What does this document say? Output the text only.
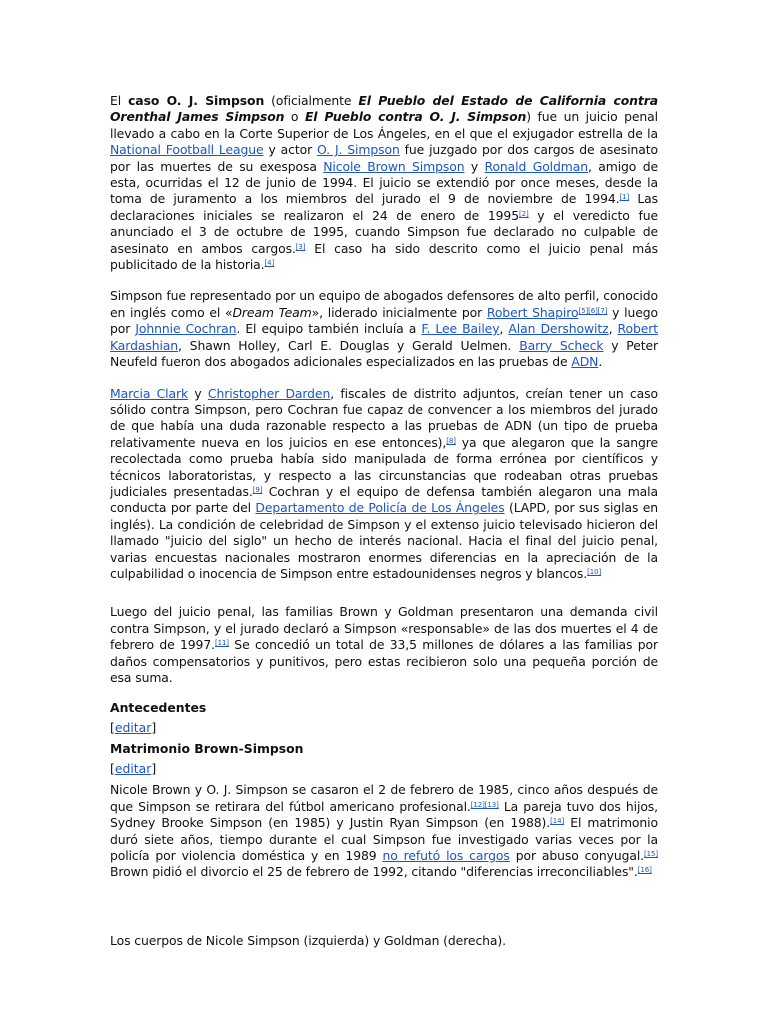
El caso O. J. Simpson (oficialmente El Pueblo del Estado de California contra Orenthal James Simpson o El Pueblo contra O. J. Simpson) fue un juicio penal llevado a cabo en la Corte Superior de Los Ángeles, en el que el exjugador estrella de la National Football League y actor O. J. Simpson fue juzgado por dos cargos de asesinato por las muertes de su exesposa Nicole Brown Simpson y Ronald Goldman, amigo de esta, ocurridas el 12 de junio de 1994. El juicio se extendió por once meses, desde la toma de juramento a los miembros del jurado el 9 de noviembre de 1994.[1] Las declaraciones iniciales se realizaron el 24 de enero de 1995[2] y el veredicto fue anunciado el 3 de octubre de 1995, cuando Simpson fue declarado no culpable de asesinato en ambos cargos.[3] El caso ha sido descrito como el juicio penal más publicitado de la historia.[4]

Simpson fue representado por un equipo de abogados defensores de alto perfil, conocido en inglés como el «Dream Team», liderado inicialmente por Robert Shapiro[5][6][7] y luego por Johnnie Cochran. El equipo también incluía a F. Lee Bailey, Alan Dershowitz, Robert Kardashian, Shawn Holley, Carl E. Douglas y Gerald Uelmen. Barry Scheck y Peter Neufeld fueron dos abogados adicionales especializados en las pruebas de ADN.

Marcia Clark y Christopher Darden, fiscales de distrito adjuntos, creían tener un caso sólido contra Simpson, pero Cochran fue capaz de convencer a los miembros del jurado de que había una duda razonable respecto a las pruebas de ADN (un tipo de prueba relativamente nueva en los juicios en ese entonces),[8] ya que alegaron que la sangre recolectada como prueba había sido manipulada de forma errónea por científicos y técnicos laboratoristas, y respecto a las circunstancias que rodeaban otras pruebas judiciales presentadas.[9] Cochran y el equipo de defensa también alegaron una mala conducta por parte del Departamento de Policía de Los Ángeles (LAPD, por sus siglas en inglés). La condición de celebridad de Simpson y el extenso juicio televisado hicieron del llamado "juicio del siglo" un hecho de interés nacional. Hacia el final del juicio penal, varias encuestas nacionales mostraron enormes diferencias en la apreciación de la culpabilidad o inocencia de Simpson entre estadounidenses negros y blancos.[10]

Luego del juicio penal, las familias Brown y Goldman presentaron una demanda civil contra Simpson, y el jurado declaró a Simpson «responsable» de las dos muertes el 4 de febrero de 1997.[11] Se concedió un total de 33,5 millones de dólares a las familias por daños compensatorios y punitivos, pero estas recibieron solo una pequeña porción de esa suma.

Antecedentes
[editar]
Matrimonio Brown-Simpson
[editar]

Nicole Brown y O. J. Simpson se casaron el 2 de febrero de 1985, cinco años después de que Simpson se retirara del fútbol americano profesional.[12][13] La pareja tuvo dos hijos, Sydney Brooke Simpson (en 1985) y Justin Ryan Simpson (en 1988).[14] El matrimonio duró siete años, tiempo durante el cual Simpson fue investigado varias veces por la policía por violencia doméstica y en 1989 no refutó los cargos por abuso conyugal.[15] Brown pidió el divorcio el 25 de febrero de 1992, citando "diferencias irreconciliables".[16]

Los cuerpos de Nicole Simpson (izquierda) y Goldman (derecha).
